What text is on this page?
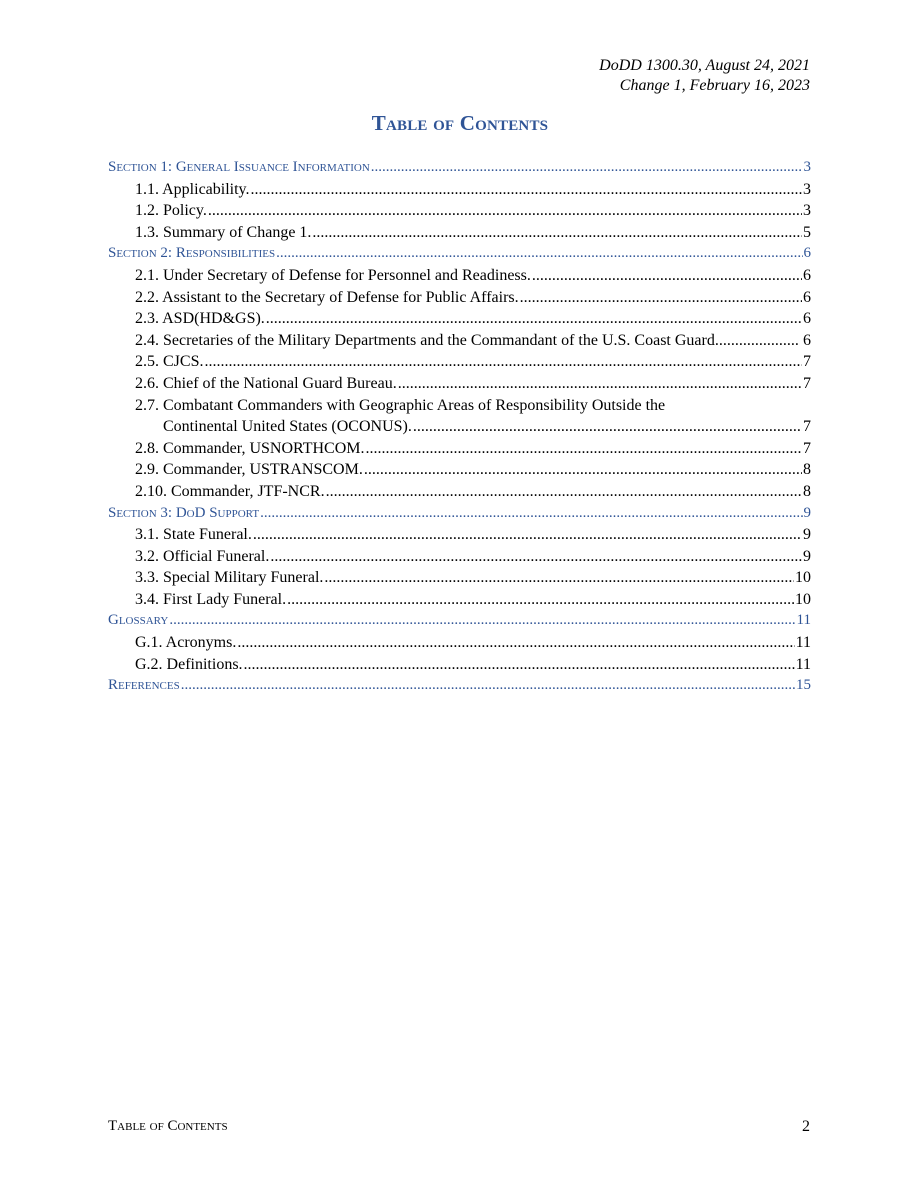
DoDD 1300.30, August 24, 2021
Change 1, February 16, 2023
Table of Contents
Section 1: General Issuance Information .....	3
1.1. Applicability. .....	3
1.2. Policy. .....	3
1.3. Summary of Change 1. .....	5
Section 2: Responsibilities .....	6
2.1. Under Secretary of Defense for Personnel and Readiness. .....	6
2.2. Assistant to the Secretary of Defense for Public Affairs. .....	6
2.3. ASD(HD&GS). .....	6
2.4. Secretaries of the Military Departments and the Commandant of the U.S. Coast Guard. .....	6
2.5. CJCS. .....	7
2.6. Chief of the National Guard Bureau. .....	7
2.7. Combatant Commanders with Geographic Areas of Responsibility Outside the
Continental United States (OCONUS). .....	7
2.8. Commander, USNORTHCOM. .....	7
2.9. Commander, USTRANSCOM. .....	8
2.10. Commander, JTF-NCR. .....	8
Section 3: DoD Support .....	9
3.1. State Funeral. .....	9
3.2. Official Funeral. .....	9
3.3. Special Military Funeral. .....	10
3.4. First Lady Funeral. .....	10
Glossary .....	11
G.1. Acronyms. .....	11
G.2. Definitions. .....	11
References .....	15
Table of Contents	2
